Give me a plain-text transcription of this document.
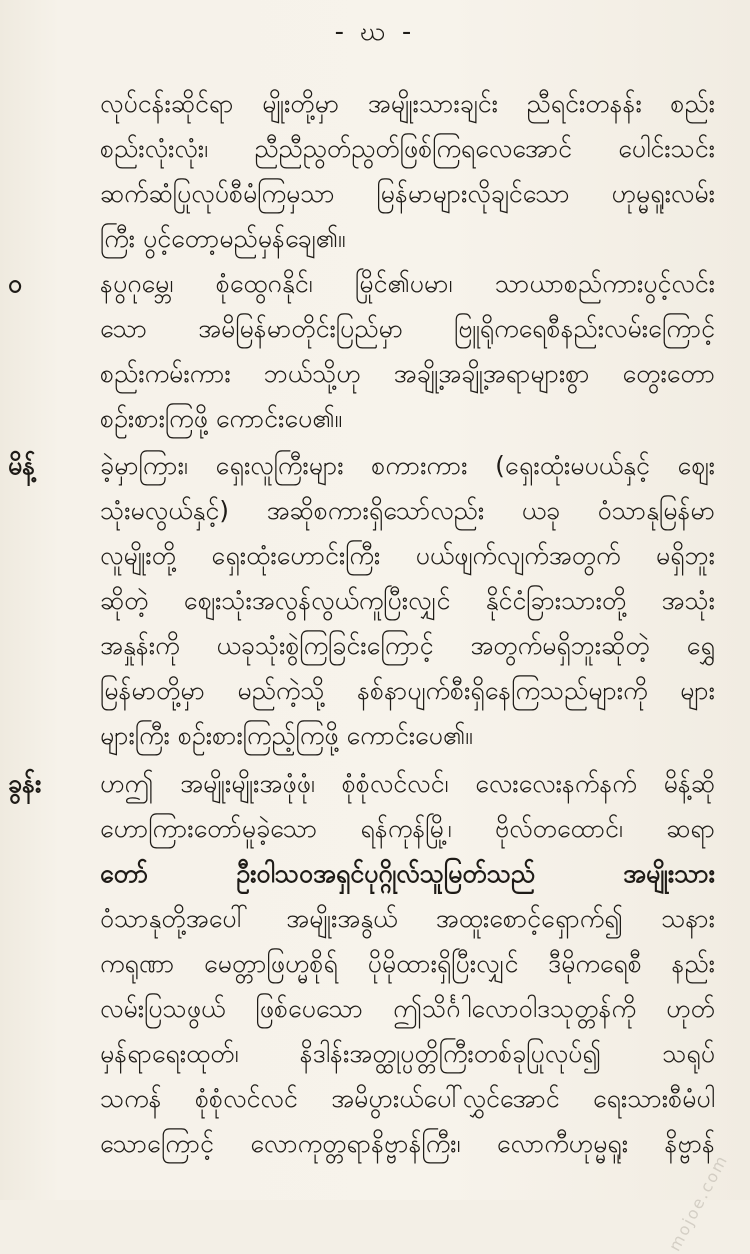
- ဃ -
လုပ်ငန်းဆိုင်ရာ မျိုးတို့မှာ အမျိုးသားချင်း ညီရင်းတနန်း စည်း
စည်းလုံးလုံး၊ ညီညီညွတ်ညွတ်ဖြစ်ကြရလေအောင် ပေါင်းသင်း
ဆက်ဆံပြုလုပ်စီမံကြမှသာ မြန်မာများလိုချင်သော ဟုမ္မရူးလမ်း
ကြီး ပွင့်တော့မည်မှန်ချေ၏။
ဝ	နပွဂုမ္ဘေ၊ စုံထွေဂနိုင်၊ မြိုင်၏ပမာ၊ သာယာစည်ကားပွင့်လင်း
သော အမိမြန်မာတိုင်းပြည်မှာ ဗြူရိုကရေစီနည်းလမ်းကြောင့်
စည်းကမ်းကား ဘယ်သို့ဟု အချို့အချို့အရာများစွာ တွေးတော
စဉ်းစားကြဖို့ ကောင်းပေ၏။
မိန့်	ခဲ့မှာကြား၊ ရှေးလူကြီးများ စကားကား (ရှေးထုံးမပယ်နှင့် ဈေး
သုံးမလွယ်နှင့်) အဆိုစကားရှိသော်လည်း ယခု ဝံသာနုမြန်မာ
လူမျိုးတို့ ရှေးထုံးဟောင်းကြီး ပယ်ဖျက်လျက်အတွက် မရှိဘူး
ဆိုတဲ့ ဈေးသုံးအလွန်လွယ်ကူပြီးလျှင် နိုင်ငံခြားသားတို့ အသုံး
အနှုန်းကို ယခုသုံးစွဲကြခြင်းကြောင့် အတွက်မရှိဘူးဆိုတဲ့ ရွှေ
မြန်မာတို့မှာ မည်ကဲ့သို့ နစ်နာပျက်စီးရှိနေကြသည်များကို များ
များကြီး စဉ်းစားကြည့်ကြဖို့ ကောင်းပေ၏။
ခွန်း	ဟဤ အမျိုးမျိုးအဖုံဖုံ၊ စုံစုံလင်လင်၊ လေးလေးနက်နက် မိန့်ဆို
ဟောကြားတော်မူခဲ့သော ရန်ကုန်မြို့၊ ဗိုလ်တထောင်၊ ဆရာ
တော် ဦးဝါသဝအရှင်ပုဂ္ဂိုလ်သူမြတ်သည် အမျိုးသား
ဝံသာနုတို့အပေါ် အမျိုးအနွယ် အထူးစောင့်ရှောက်၍ သနား
ကရုဏာ မေတ္တာဖြဟ္မစိုရ် ပိုမိုထားရှိပြီးလျှင် ဒီမိုကရေစီ နည်း
လမ်းပြသဖွယ် ဖြစ်ပေသော ဤသိင်္ဂါလောဝါဒသုတ္တန်ကို ဟုတ်
မှန်ရာရေးထုတ်၊ နိဒါန်းအတ္ထုပ္ပတ္တိကြီးတစ်ခုပြုလုပ်၍ သရုပ်
သကန် စုံစုံလင်လင် အမိပွားယ်ပေါ်လွှင်အောင် ရေးသားစီမံပါ
သောကြောင့် လောကုတ္တရာနိဗ္ဗာန်ကြီး၊ လောကီဟုမ္မရူး နိဗ္ဗာန်
mojoe.com
